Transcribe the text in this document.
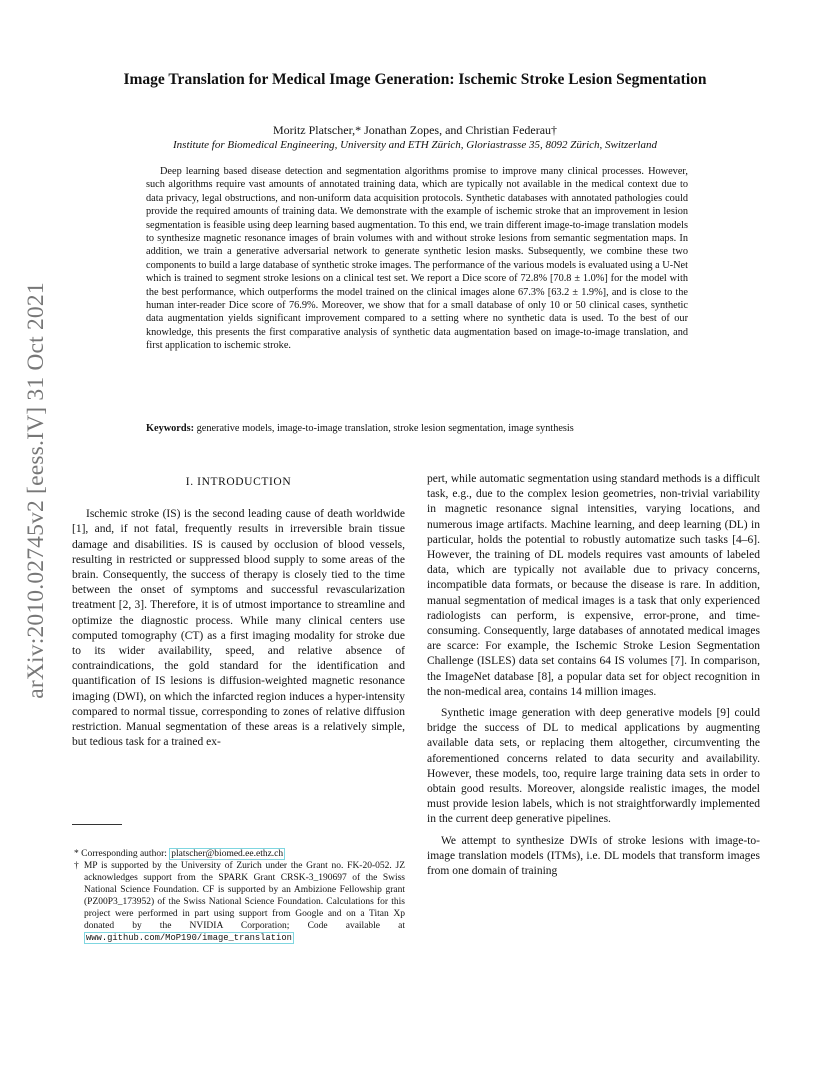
arXiv:2010.02745v2 [eess.IV] 31 Oct 2021
Image Translation for Medical Image Generation: Ischemic Stroke Lesion Segmentation
Moritz Platscher,* Jonathan Zopes, and Christian Federau†
Institute for Biomedical Engineering, University and ETH Zürich, Gloriastrasse 35, 8092 Zürich, Switzerland
Deep learning based disease detection and segmentation algorithms promise to improve many clinical processes. However, such algorithms require vast amounts of annotated training data, which are typically not available in the medical context due to data privacy, legal obstructions, and non-uniform data acquisition protocols. Synthetic databases with annotated pathologies could provide the required amounts of training data. We demonstrate with the example of ischemic stroke that an improvement in lesion segmentation is feasible using deep learning based augmentation. To this end, we train different image-to-image translation models to synthesize magnetic resonance images of brain volumes with and without stroke lesions from semantic segmentation maps. In addition, we train a generative adversarial network to generate synthetic lesion masks. Subsequently, we combine these two components to build a large database of synthetic stroke images. The performance of the various models is evaluated using a U-Net which is trained to segment stroke lesions on a clinical test set. We report a Dice score of 72.8% [70.8 ± 1.0%] for the model with the best performance, which outperforms the model trained on the clinical images alone 67.3% [63.2 ± 1.9%], and is close to the human inter-reader Dice score of 76.9%. Moreover, we show that for a small database of only 10 or 50 clinical cases, synthetic data augmentation yields significant improvement compared to a setting where no synthetic data is used. To the best of our knowledge, this presents the first comparative analysis of synthetic data augmentation based on image-to-image translation, and first application to ischemic stroke.
Keywords: generative models, image-to-image translation, stroke lesion segmentation, image synthesis
I. INTRODUCTION

Ischemic stroke (IS) is the second leading cause of death worldwide [1], and, if not fatal, frequently results in irreversible brain tissue damage and disabilities. IS is caused by occlusion of blood vessels, resulting in restricted or suppressed blood supply to some areas of the brain. Consequently, the success of therapy is closely tied to the time between the onset of symptoms and successful revascularization treatment [2, 3]. Therefore, it is of utmost importance to streamline and optimize the diagnostic process. While many clinical centers use computed tomography (CT) as a first imaging modality for stroke due to its wider availability, speed, and relative absence of contraindications, the gold standard for the identification and quantification of IS lesions is diffusion-weighted magnetic resonance imaging (DWI), on which the infarcted region induces a hyper-intensity compared to normal tissue, corresponding to zones of relative diffusion restriction. Manual segmentation of these areas is a relatively simple, but tedious task for a trained ex-

pert, while automatic segmentation using standard methods is a difficult task, e.g., due to the complex lesion geometries, non-trivial variability in magnetic resonance signal intensities, varying locations, and numerous image artifacts. Machine learning, and deep learning (DL) in particular, holds the potential to robustly automatize such tasks [4–6]. However, the training of DL models requires vast amounts of labeled data, which are typically not available due to privacy concerns, incompatible data formats, or because the disease is rare. In addition, manual segmentation of medical images is a task that only experienced radiologists can perform, is expensive, error-prone, and time-consuming. Consequently, large databases of annotated medical images are scarce: For example, the Ischemic Stroke Lesion Segmentation Challenge (ISLES) data set contains 64 IS volumes [7]. In comparison, the ImageNet database [8], a popular data set for object recognition in the non-medical area, contains 14 million images.

Synthetic image generation with deep generative models [9] could bridge the success of DL to medical applications by augmenting available data sets, or replacing them altogether, circumventing the aforementioned concerns related to data security and availability. However, these models, too, require large training data sets in order to obtain good results. Moreover, alongside realistic images, the model must provide lesion labels, which is not straightforwardly implemented in the current deep generative pipelines.

We attempt to synthesize DWIs of stroke lesions with image-to-image translation models (ITMs), i.e. DL models that transform images from one domain of training

* Corresponding author: platscher@biomed.ee.ethz.ch
† MP is supported by the University of Zurich under the Grant no. FK-20-052. JZ acknowledges support from the SPARK Grant CRSK-3_190697 of the Swiss National Science Foundation. CF is supported by an Ambizione Fellowship grant (PZ00P3_173952) of the Swiss National Science Foundation. Calculations for this project were performed in part using support from Google and on a Titan Xp donated by the NVIDIA Corporation; Code available at www.github.com/MoP190/image_translation
